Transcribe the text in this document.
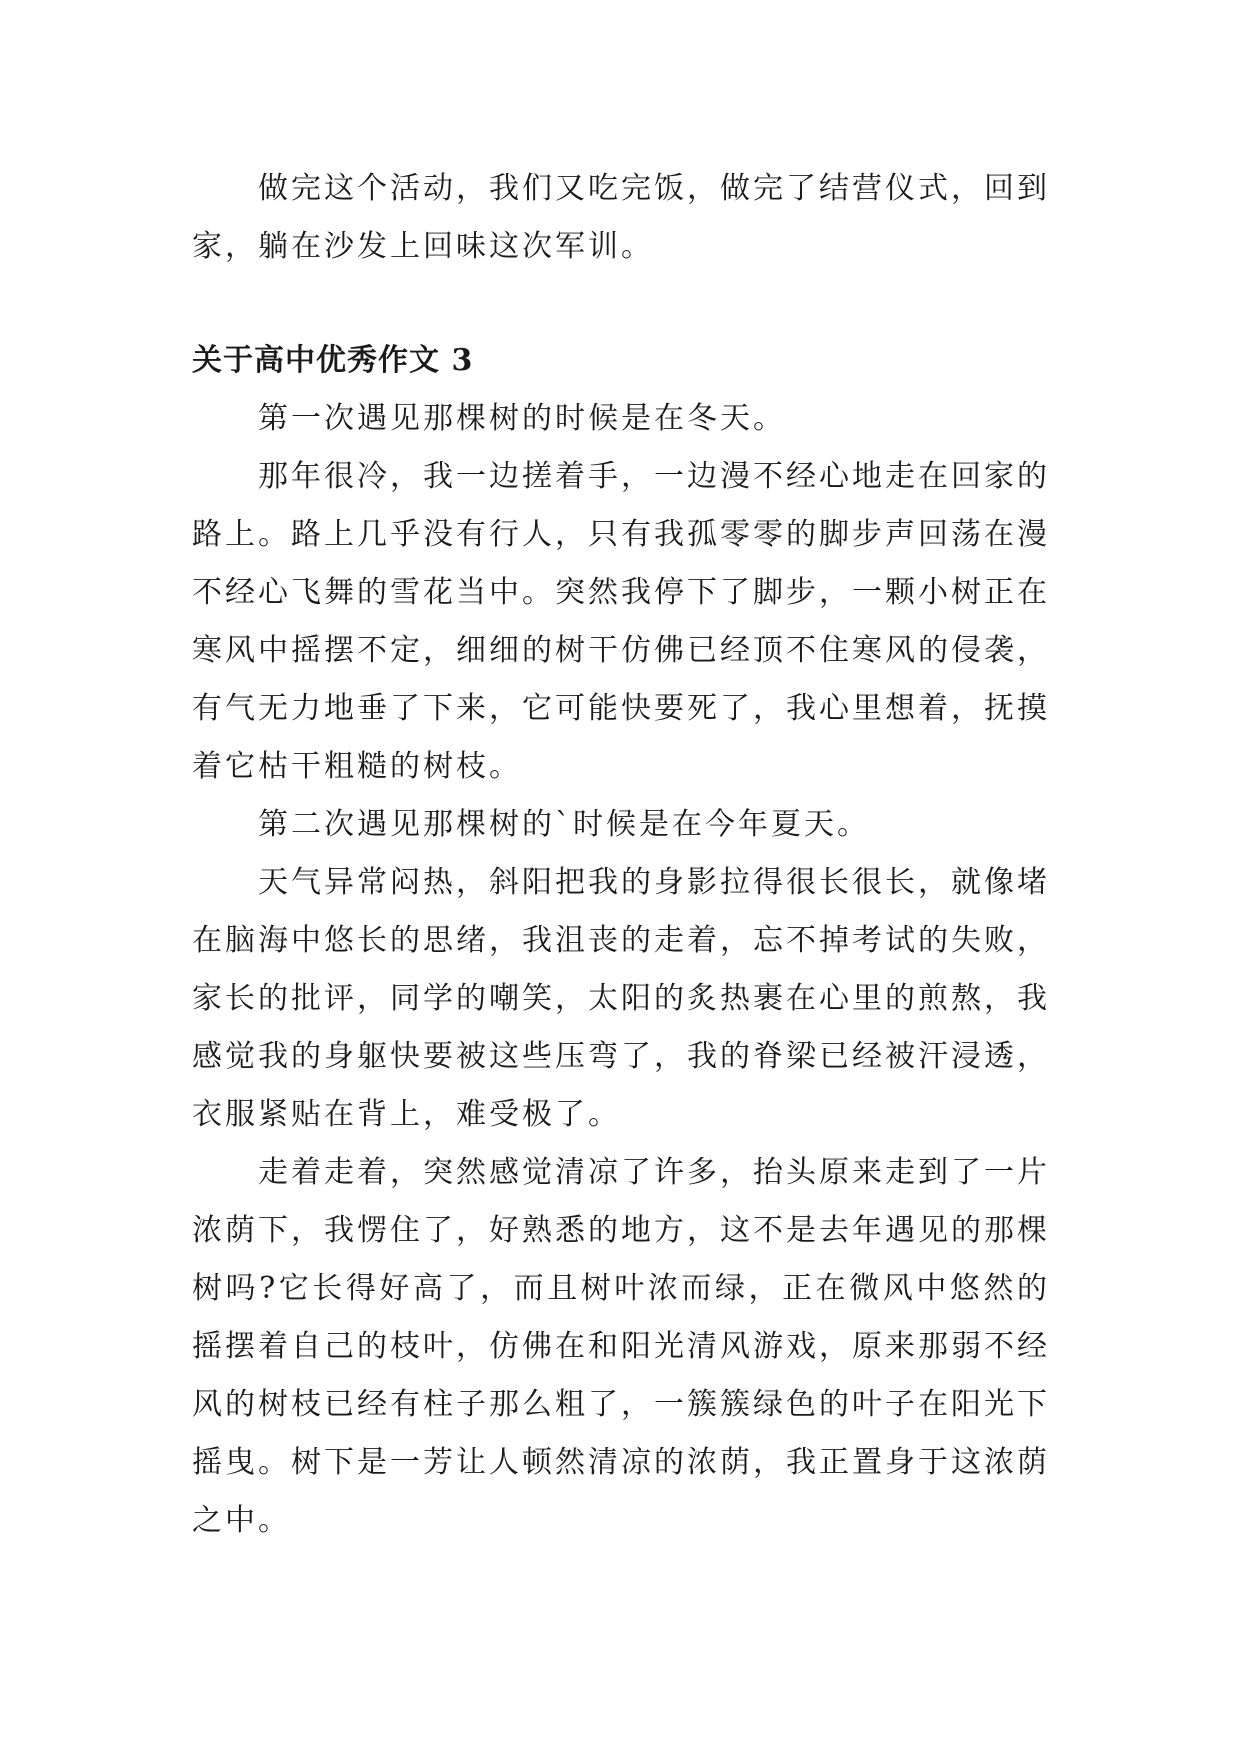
做完这个活动，我们又吃完饭，做完了结营仪式，回到家，躺在沙发上回味这次军训。

关于高中优秀作文 3

第一次遇见那棵树的时候是在冬天。

那年很冷，我一边搓着手，一边漫不经心地走在回家的路上。路上几乎没有行人，只有我孤零零的脚步声回荡在漫不经心飞舞的雪花当中。突然我停下了脚步，一颗小树正在寒风中摇摆不定，细细的树干仿佛已经顶不住寒风的侵袭，有气无力地垂了下来，它可能快要死了，我心里想着，抚摸着它枯干粗糙的树枝。

第二次遇见那棵树的`时候是在今年夏天。

天气异常闷热，斜阳把我的身影拉得很长很长，就像堵在脑海中悠长的思绪，我沮丧的走着，忘不掉考试的失败，家长的批评，同学的嘲笑，太阳的炙热裹在心里的煎熬，我感觉我的身躯快要被这些压弯了，我的脊梁已经被汗浸透，衣服紧贴在背上，难受极了。

走着走着，突然感觉清凉了许多，抬头原来走到了一片浓荫下，我愣住了，好熟悉的地方，这不是去年遇见的那棵树吗?它长得好高了，而且树叶浓而绿，正在微风中悠然的摇摆着自己的枝叶，仿佛在和阳光清风游戏，原来那弱不经风的树枝已经有柱子那么粗了，一簇簇绿色的叶子在阳光下摇曳。树下是一芳让人顿然清凉的浓荫，我正置身于这浓荫之中。
